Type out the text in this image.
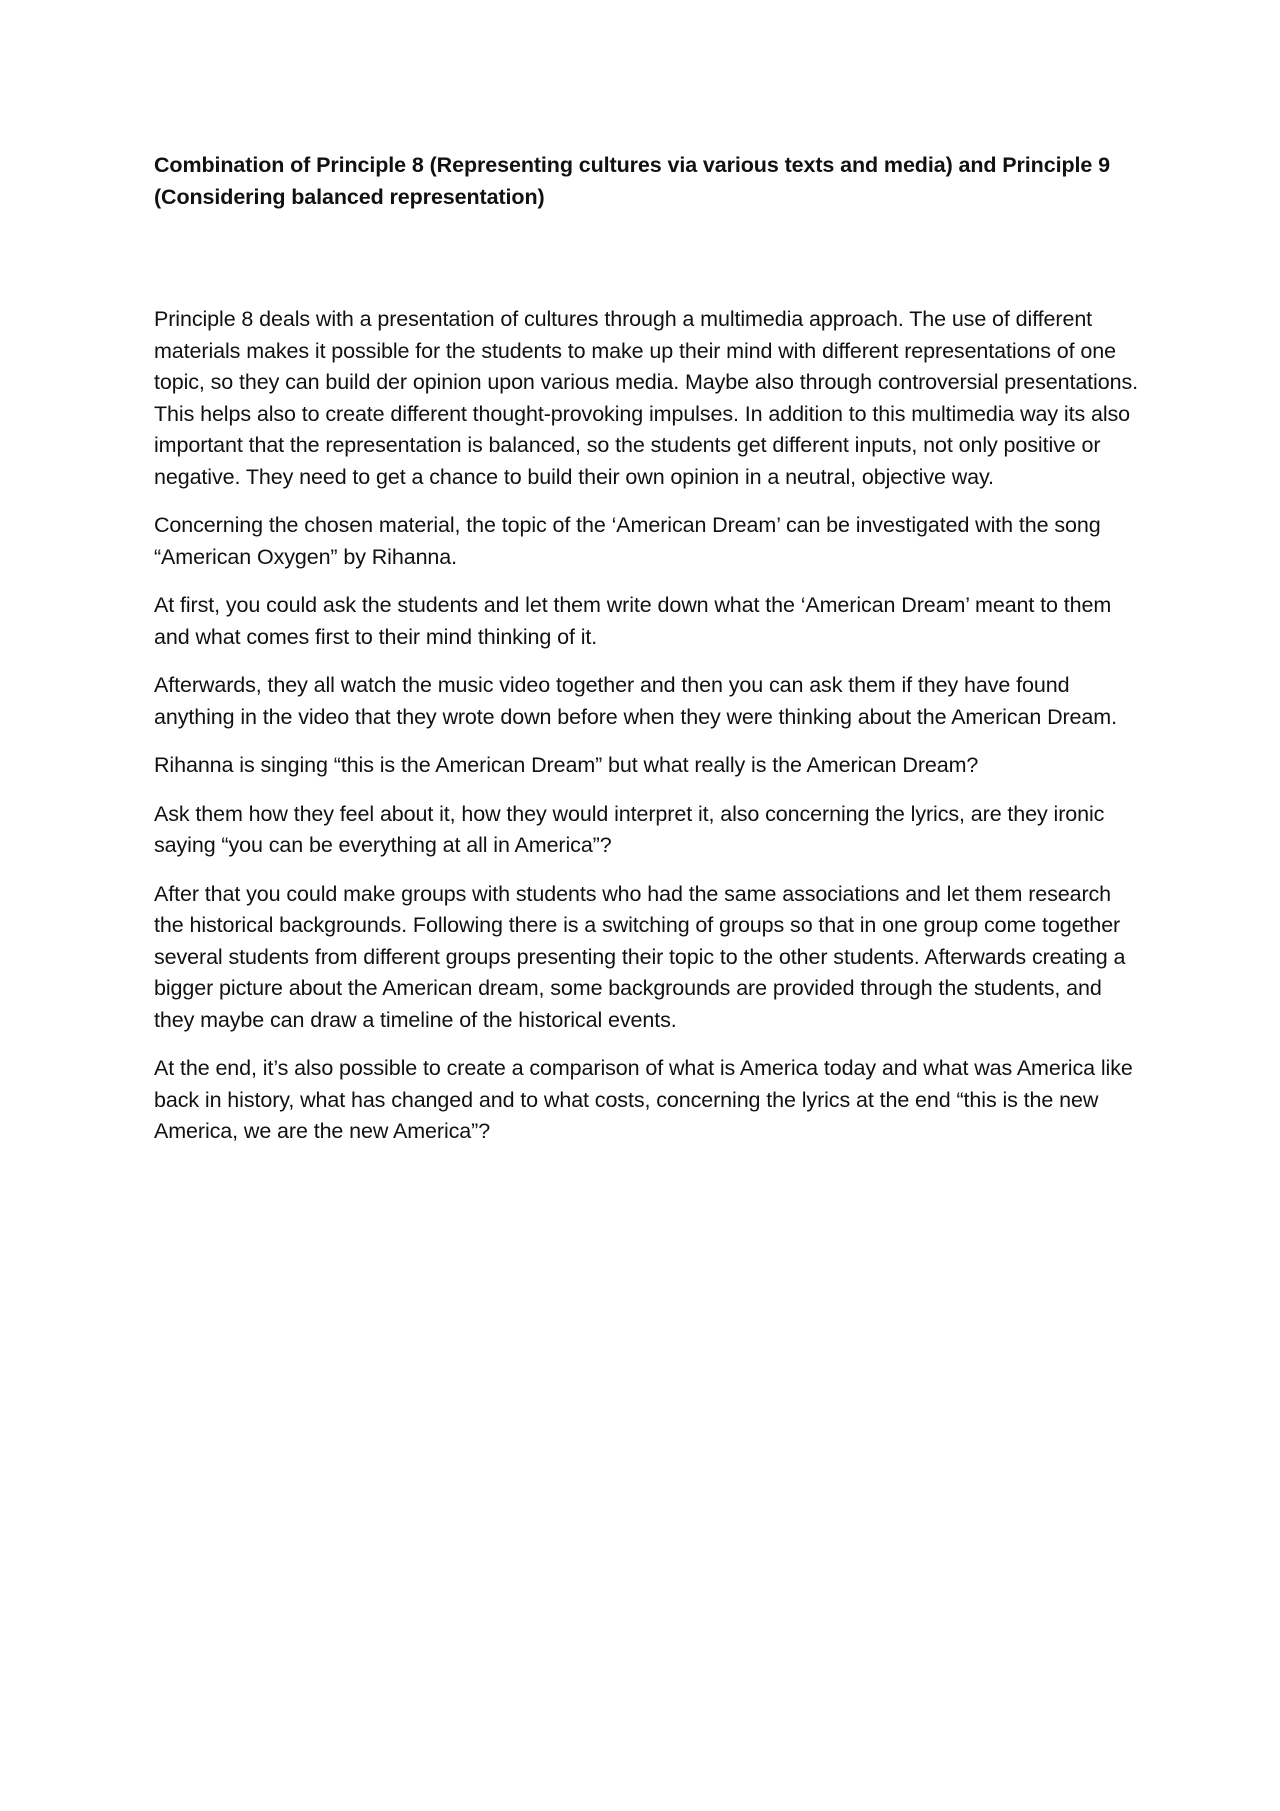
Combination of Principle 8 (Representing cultures via various texts and media) and Principle 9 (Considering balanced representation)

Principle 8 deals with a presentation of cultures through a multimedia approach. The use of different materials makes it possible for the students to make up their mind with different representations of one topic, so they can build der opinion upon various media. Maybe also through controversial presentations. This helps also to create different thought-provoking impulses. In addition to this multimedia way its also important that the representation is balanced, so the students get different inputs, not only positive or negative. They need to get a chance to build their own opinion in a neutral, objective way.

Concerning the chosen material, the topic of the ‘American Dream’ can be investigated with the song “American Oxygen” by Rihanna.

At first, you could ask the students and let them write down what the ‘American Dream’ meant to them and what comes first to their mind thinking of it.

Afterwards, they all watch the music video together and then you can ask them if they have found anything in the video that they wrote down before when they were thinking about the American Dream.

Rihanna is singing “this is the American Dream” but what really is the American Dream?

Ask them how they feel about it, how they would interpret it, also concerning the lyrics, are they ironic saying “you can be everything at all in America”?

After that you could make groups with students who had the same associations and let them research the historical backgrounds. Following there is a switching of groups so that in one group come together several students from different groups presenting their topic to the other students. Afterwards creating a bigger picture about the American dream, some backgrounds are provided through the students, and they maybe can draw a timeline of the historical events.

At the end, it’s also possible to create a comparison of what is America today and what was America like back in history, what has changed and to what costs, concerning the lyrics at the end “this is the new America, we are the new America”?
